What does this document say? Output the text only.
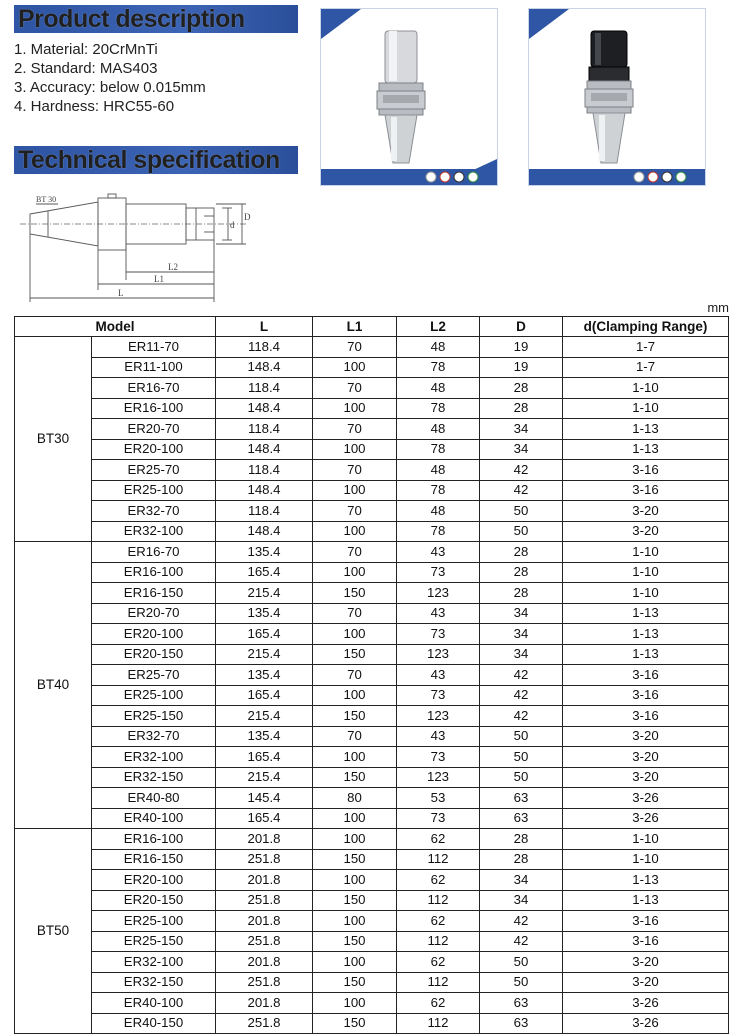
Product description
1. Material: 20CrMnTi
2. Standard: MAS403
3. Accuracy: below 0.015mm
4. Hardness: HRC55-60
Technical specification
BT 30
d
D
L2
L1
L
mm
Model		L	L1	L2	D	d(Clamping Range)
BT30	ER11-70	118.4	70	48	19	1-7
	ER11-100	148.4	100	78	19	1-7
	ER16-70	118.4	70	48	28	1-10
	ER16-100	148.4	100	78	28	1-10
	ER20-70	118.4	70	48	34	1-13
	ER20-100	148.4	100	78	34	1-13
	ER25-70	118.4	70	48	42	3-16
	ER25-100	148.4	100	78	42	3-16
	ER32-70	118.4	70	48	50	3-20
	ER32-100	148.4	100	78	50	3-20
BT40	ER16-70	135.4	70	43	28	1-10
	ER16-100	165.4	100	73	28	1-10
	ER16-150	215.4	150	123	28	1-10
	ER20-70	135.4	70	43	34	1-13
	ER20-100	165.4	100	73	34	1-13
	ER20-150	215.4	150	123	34	1-13
	ER25-70	135.4	70	43	42	3-16
	ER25-100	165.4	100	73	42	3-16
	ER25-150	215.4	150	123	42	3-16
	ER32-70	135.4	70	43	50	3-20
	ER32-100	165.4	100	73	50	3-20
	ER32-150	215.4	150	123	50	3-20
	ER40-80	145.4	80	53	63	3-26
	ER40-100	165.4	100	73	63	3-26
BT50	ER16-100	201.8	100	62	28	1-10
	ER16-150	251.8	150	112	28	1-10
	ER20-100	201.8	100	62	34	1-13
	ER20-150	251.8	150	112	34	1-13
	ER25-100	201.8	100	62	42	3-16
	ER25-150	251.8	150	112	42	3-16
	ER32-100	201.8	100	62	50	3-20
	ER32-150	251.8	150	112	50	3-20
	ER40-100	201.8	100	62	63	3-26
	ER40-150	251.8	150	112	63	3-26
